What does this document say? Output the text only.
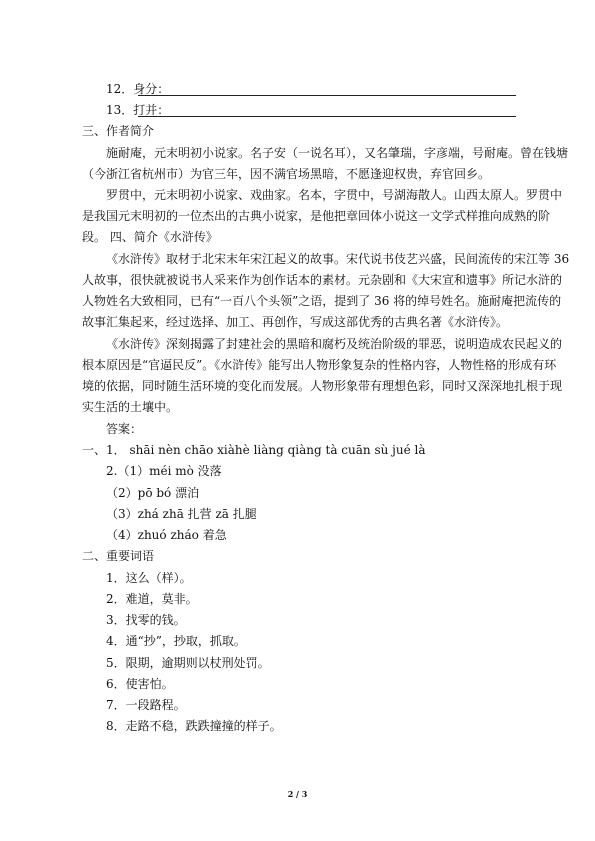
12．身分：
13．打并：
三、作者简介
施耐庵，元末明初小说家。名子安（一说名耳），又名肇瑞，字彦端，号耐庵。曾在钱塘
（今浙江省杭州市）为官三年，因不满官场黑暗，不愿逢迎权贵，弃官回乡。
罗贯中，元末明初小说家、戏曲家。名本，字贯中，号湖海散人。山西太原人。罗贯中
是我国元末明初的一位杰出的古典小说家，是他把章回体小说这一文学式样推向成熟的阶
段。 四、简介《水浒传》
《水浒传》取材于北宋末年宋江起义的故事。宋代说书伎艺兴盛，民间流传的宋江等 36
人故事，很快就被说书人采来作为创作话本的素材。元杂剧和《大宋宣和遗事》所记水浒的
人物姓名大致相同，已有“一百八个头领”之语，提到了 36 将的绰号姓名。施耐庵把流传的
故事汇集起来，经过选择、加工、再创作，写成这部优秀的古典名著《水浒传》。
《水浒传》深刻揭露了封建社会的黑暗和腐朽及统治阶级的罪恶，说明造成农民起义的
根本原因是“官逼民反”。《水浒传》能写出人物形象复杂的性格内容，人物性格的形成有环
境的依据，同时随生活环境的变化而发展。人物形象带有理想色彩，同时又深深地扎根于现
实生活的土壤中。
答案：
一、1． shāi nèn chāo xiàhè liàng qiàng tà cuān sù jué là
2.（1）méi mò 没落
（2）pō bó 漂泊
（3）zhá zhā 扎营 zā 扎腿
（4）zhuó zháo 着急
二、重要词语
1．这么（样）。
2．难道，莫非。
3．找零的钱。
4．通“抄”，抄取，抓取。
5．限期，逾期则以杖刑处罚。
6．使害怕。
7．一段路程。
8．走路不稳，跌跌撞撞的样子。
2 / 3
